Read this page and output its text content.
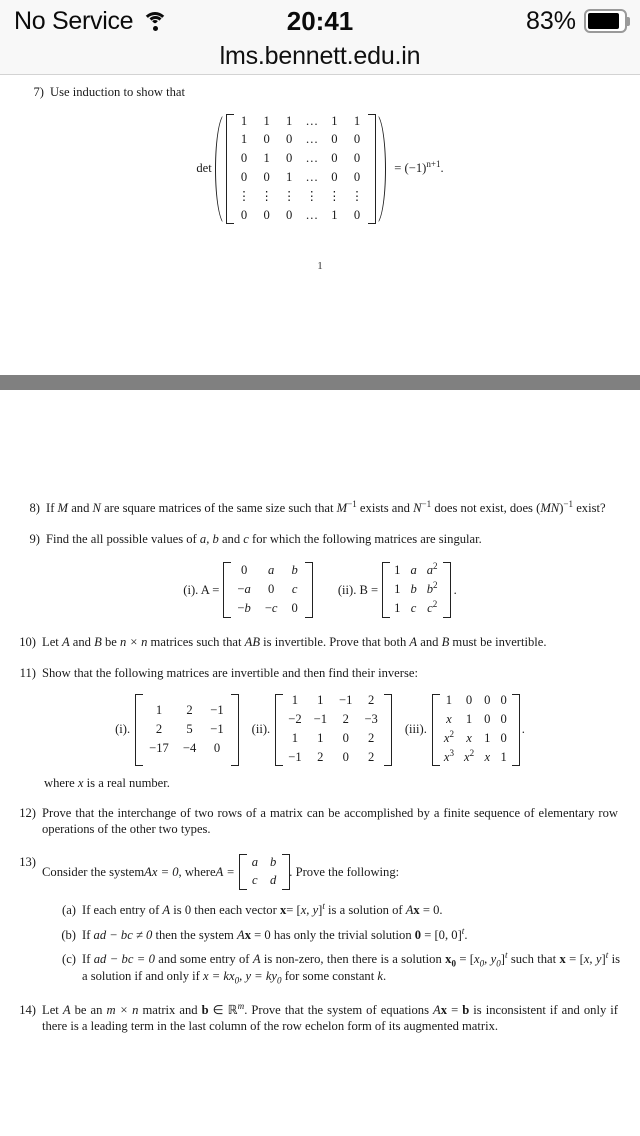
No Service	20:41	83%
lms.bennett.edu.in
7) Use induction to show that
det
1	1	1	…	1	1
1	0	0	…	0	0
0	1	0	…	0	0
0	0	1	…	0	0
⋮	⋮	⋮	⋮	⋮	⋮
0	0	0	…	1	0
= $(-1)^{n+1}$.
1
8) If M and N are square matrices of the same size such that $M^{-1}$ exists and $N^{-1}$ does not exist, does (MN)$^{-1}$ exist?
9) Find the all possible values of a, b and c for which the following matrices are singular.
(i). A =
0	a	b
−a	0	c
−b	−c	0
(ii). B =
1	a	$a^2$
1	b	$b^2$
1	c	$c^2$
.
10) Let A and B be n × n matrices such that AB is invertible. Prove that both A and B must be invertible.
11) Show that the following matrices are invertible and then find their inverse:
(i).
1	2	−1
2	5	−1
−17	−4	0
(ii).
1	1	−1	2
−2	−1	2	−3
1	1	0	2
−1	2	0	2
(iii).
1	0	0	0
x	1	0	0
$x^2$	x	1	0
$x^3$	$x^2$	x	1
.
where x is a real number.
12) Prove that the interchange of two rows of a matrix can be accomplished by a finite sequence of elementary row operations of the other two types.
13)
Consider the system Ax = 0 , where A =
a	b
c	d
. Prove the following:
(a) If each entry of A is 0 then each vector x= [x, y]$^t$ is a solution of Ax = 0.
(b) If ad − bc ≠ 0 then the system Ax = 0 has only the trivial solution 0 = [0, 0]$^t$.
(c) If ad − bc = 0 and some entry of A is non-zero, then there is a solution $x_0 = [x_0$, $y_0]^t$ such that x = [x, y]$^t$ is a solution if and only if $x = kx_0$, $y = ky_0$ for some constant k.
14) Let A be an m × n matrix and b ∈ ℝ$^m$. Prove that the system of equations Ax = b is inconsistent if and only if there is a leading term in the last column of the row echelon form of its augmented matrix.
